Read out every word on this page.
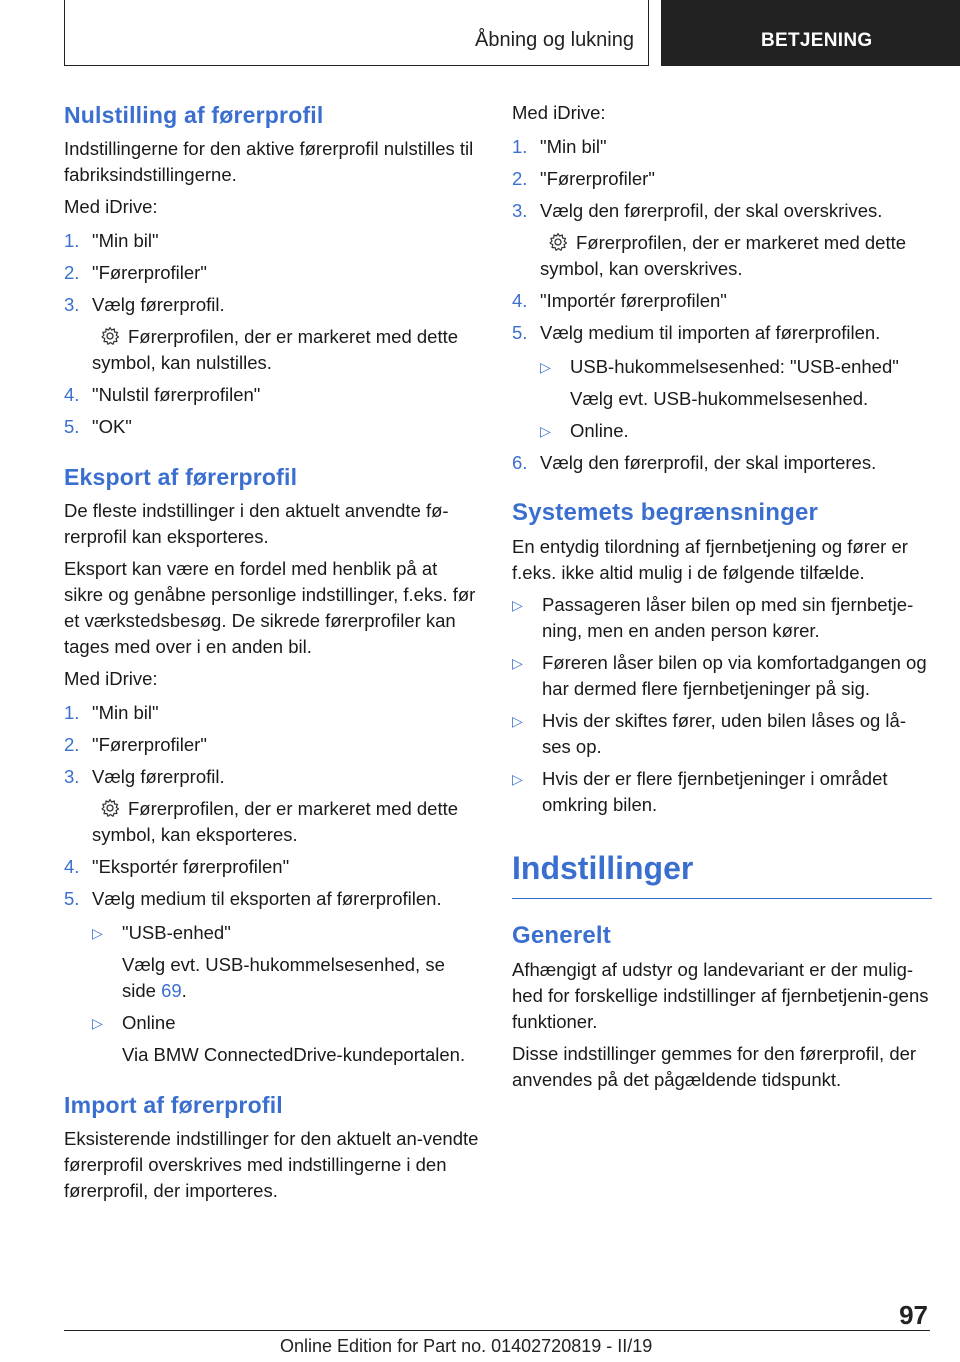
Åbning og lukning	BETJENING
Nulstilling af førerprofil

Indstillingerne for den aktive førerprofil nulstilles til fabriksindstillingerne.

Med iDrive:

1. "Min bil"
2. "Førerprofiler"
3. Vælg førerprofil.
Førerprofilen, der er markeret med dette symbol, kan nulstilles.
4. "Nulstil førerprofilen"
5. "OK"
Eksport af førerprofil

De fleste indstillinger i den aktuelt anvendte fø-rerprofil kan eksporteres.

Eksport kan være en fordel med henblik på at sikre og genåbne personlige indstillinger, f.eks. før et værkstedsbesøg. De sikrede førerprofiler kan tages med over i en anden bil.

Med iDrive:

1. "Min bil"
2. "Førerprofiler"
3. Vælg førerprofil.
Førerprofilen, der er markeret med dette symbol, kan eksporteres.
4. "Eksportér førerprofilen"
5. Vælg medium til eksporten af førerprofilen.
▷ "USB-enhed"
Vælg evt. USB-hukommelsesenhed, se side 69.
▷ Online
Via BMW ConnectedDrive-kundeportalen.
Import af førerprofil

Eksisterende indstillinger for den aktuelt an-vendte førerprofil overskrives med indstillingerne i den førerprofil, der importeres.

Med iDrive:

1. "Min bil"
2. "Førerprofiler"
3. Vælg den førerprofil, der skal overskrives.
Førerprofilen, der er markeret med dette symbol, kan overskrives.
4. "Importér førerprofilen"
5. Vælg medium til importen af førerprofilen.
▷ USB-hukommelsesenhed: "USB-enhed"
Vælg evt. USB-hukommelsesenhed.
▷ Online.
6. Vælg den førerprofil, der skal importeres.
Systemets begrænsninger

En entydig tilordning af fjernbetjening og fører er f.eks. ikke altid mulig i de følgende tilfælde.

▷ Passageren låser bilen op med sin fjernbetje-ning, men en anden person kører.
▷ Føreren låser bilen op via komfortadgangen og har dermed flere fjernbetjeninger på sig.
▷ Hvis der skiftes fører, uden bilen låses og lå-ses op.
▷ Hvis der er flere fjernbetjeninger i området omkring bilen.
Indstillinger
Generelt

Afhængigt af udstyr og landevariant er der mulig-hed for forskellige indstillinger af fjernbetjenin-gens funktioner.

Disse indstillinger gemmes for den førerprofil, der anvendes på det pågældende tidspunkt.

97
Online Edition for Part no. 01402720819 - II/19
